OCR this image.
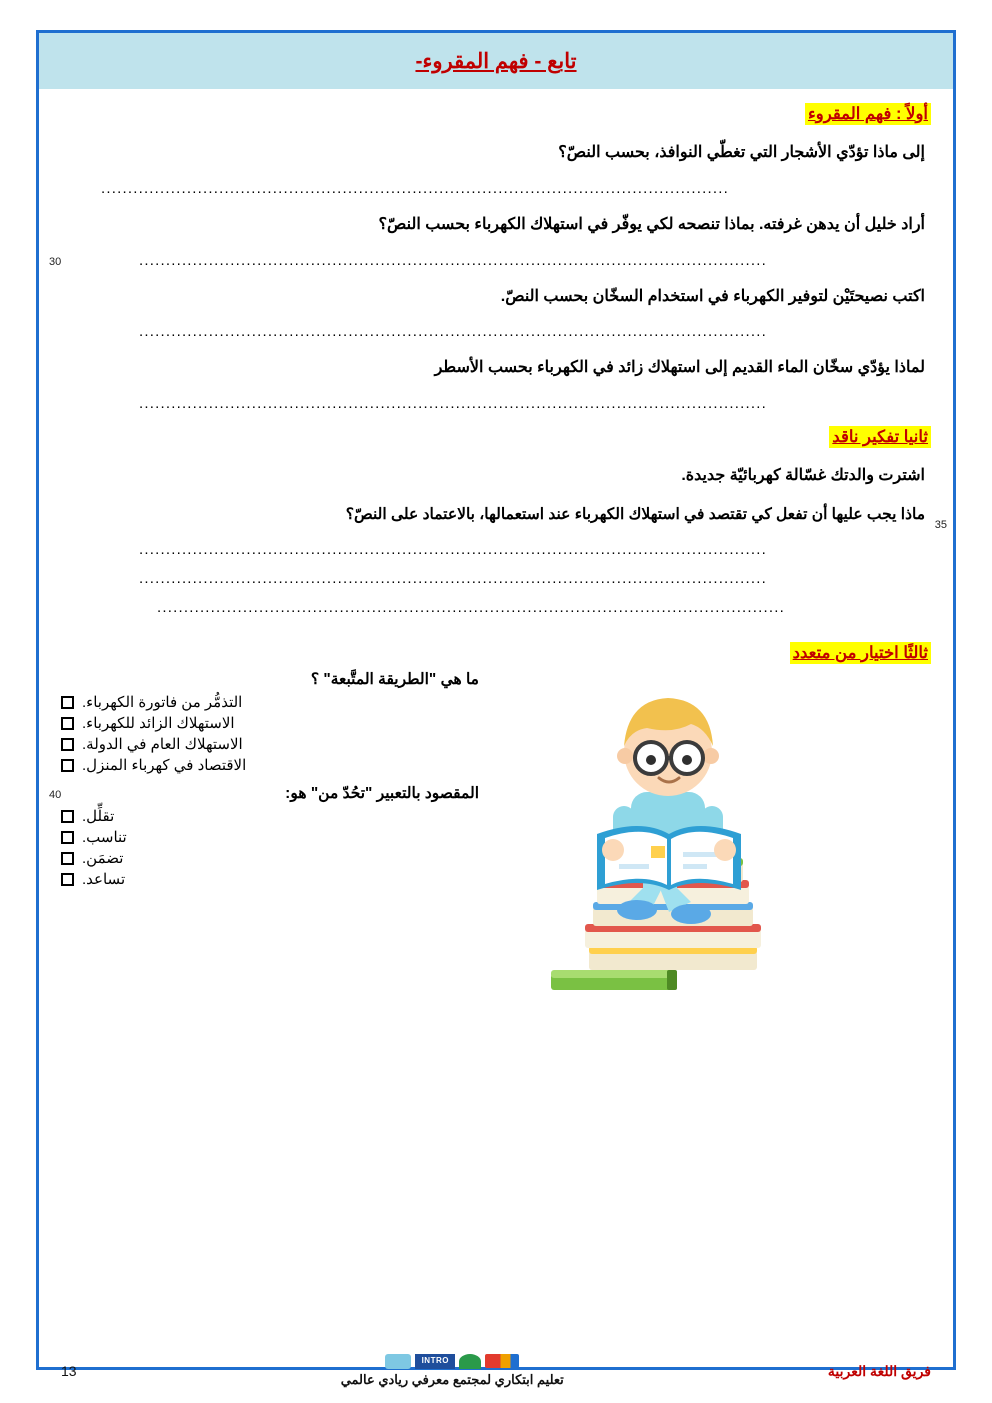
تابع - فهم المقروء-
أولاً : فهم المقروء
إلى ماذا تؤدّي الأشجار التي تغطّي النوافذ، بحسب النصّ؟
.....................................................................................................................
أراد خليل أن يدهن غرفته. بماذا تنصحه لكي يوفّر في استهلاك الكهرباء بحسب النصّ؟
.....................................................................................................................
اكتب نصيحتَيْن لتوفير الكهرباء في استخدام السخّان بحسب النصّ.
.....................................................................................................................
لماذا يؤدّي سخّان الماء القديم إلى استهلاك زائد في الكهرباء بحسب الأسطر
.....................................................................................................................
ثانيا تفكير ناقد
اشترت والدتك غسّالة كهربائيّة جديدة.
ماذا يجب عليها أن تفعل كي تقتصد في استهلاك الكهرباء عند استعمالها، بالاعتماد على النصّ؟
.....................................................................................................................
.....................................................................................................................
.....................................................................................................................
ثالثًا اختيار من متعدد
ما هي "الطريقة المتَّبعة" ؟
التذمُّر من فاتورة الكهرباء.
الاستهلاك الزائد للكهرباء.
الاستهلاك العام في الدولة.
الاقتصاد في كهرباء المنزل.
المقصود بالتعبير "تحُدّ من" هو:
تقلِّل.
تناسب.
تضمَن.
تساعد.
30
35
40
فريق اللغة العربية
INTRO
تعليم ابتكاري لمجتمع معرفي ريادي عالمي
13
